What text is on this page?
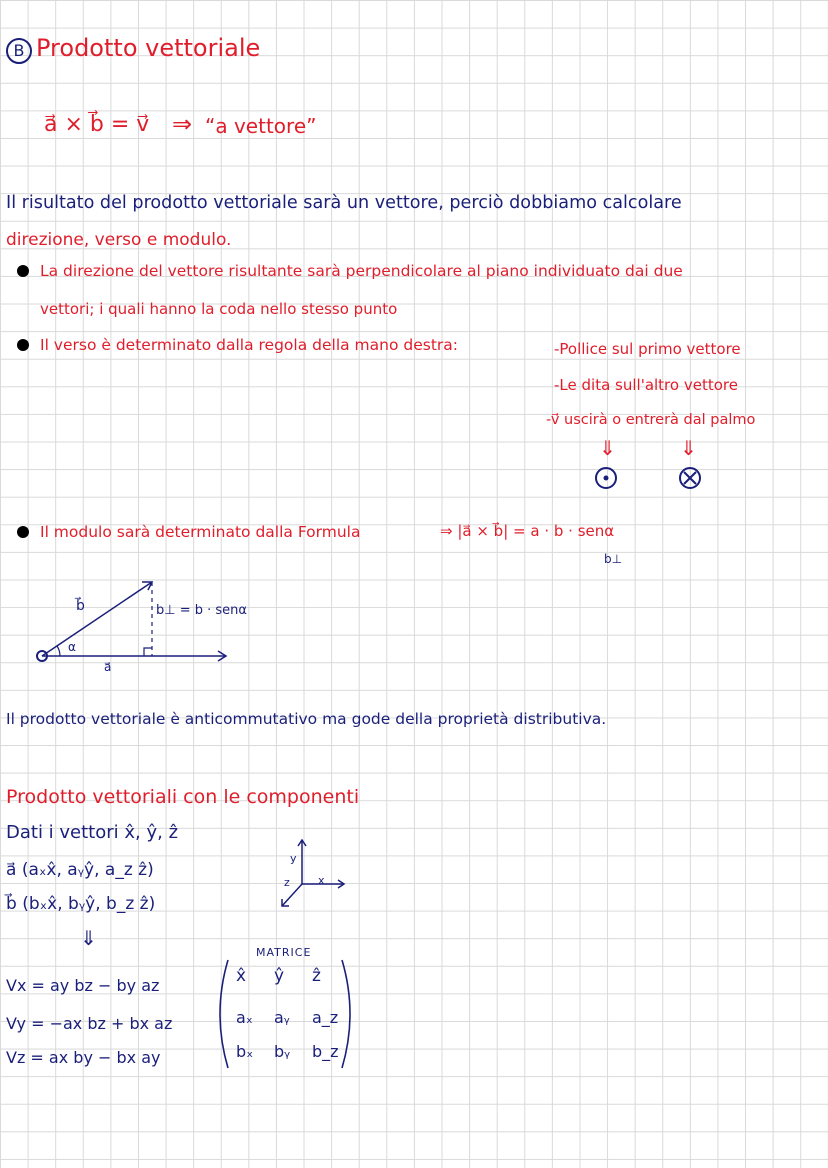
B Prodotto vettoriale
a⃗ × b⃗ = v⃗ ⇒ “a vettore”
Il risultato del prodotto vettoriale sarà un vettore, perciò dobbiamo calcolare
direzione, verso e modulo.
La direzione del vettore risultante sarà perpendicolare al piano individuato dai due
vettori; i quali hanno la coda nello stesso punto
Il verso è determinato dalla regola della mano destra:	-Pollice sul primo vettore
-Le dita sull'altro vettore
-v⃗ uscirà o entrerà dal palmo
⇓	⇓
Il modulo sarà determinato dalla Formula	⇒ |a⃗ × b⃗| = a · b · senα
b⊥
b⃗
a⃗
α
b⊥ = b · senα
Il prodotto vettoriale è anticommutativo ma gode della proprietà distributiva.
Prodotto vettoriali con le componenti
Dati i vettori x̂, ŷ, ẑ
a⃗ (aₓx̂, aᵧŷ, a_z ẑ)
b⃗ (bₓx̂, bᵧŷ, b_z ẑ)
⇓
Vx = ay bz − by az
Vy = −ax bz + bx az
Vz = ax by − bx ay
y
x
z
MATRICE
x̂ ŷ ẑ
aₓ aᵧ a_z
bₓ bᵧ b_z
